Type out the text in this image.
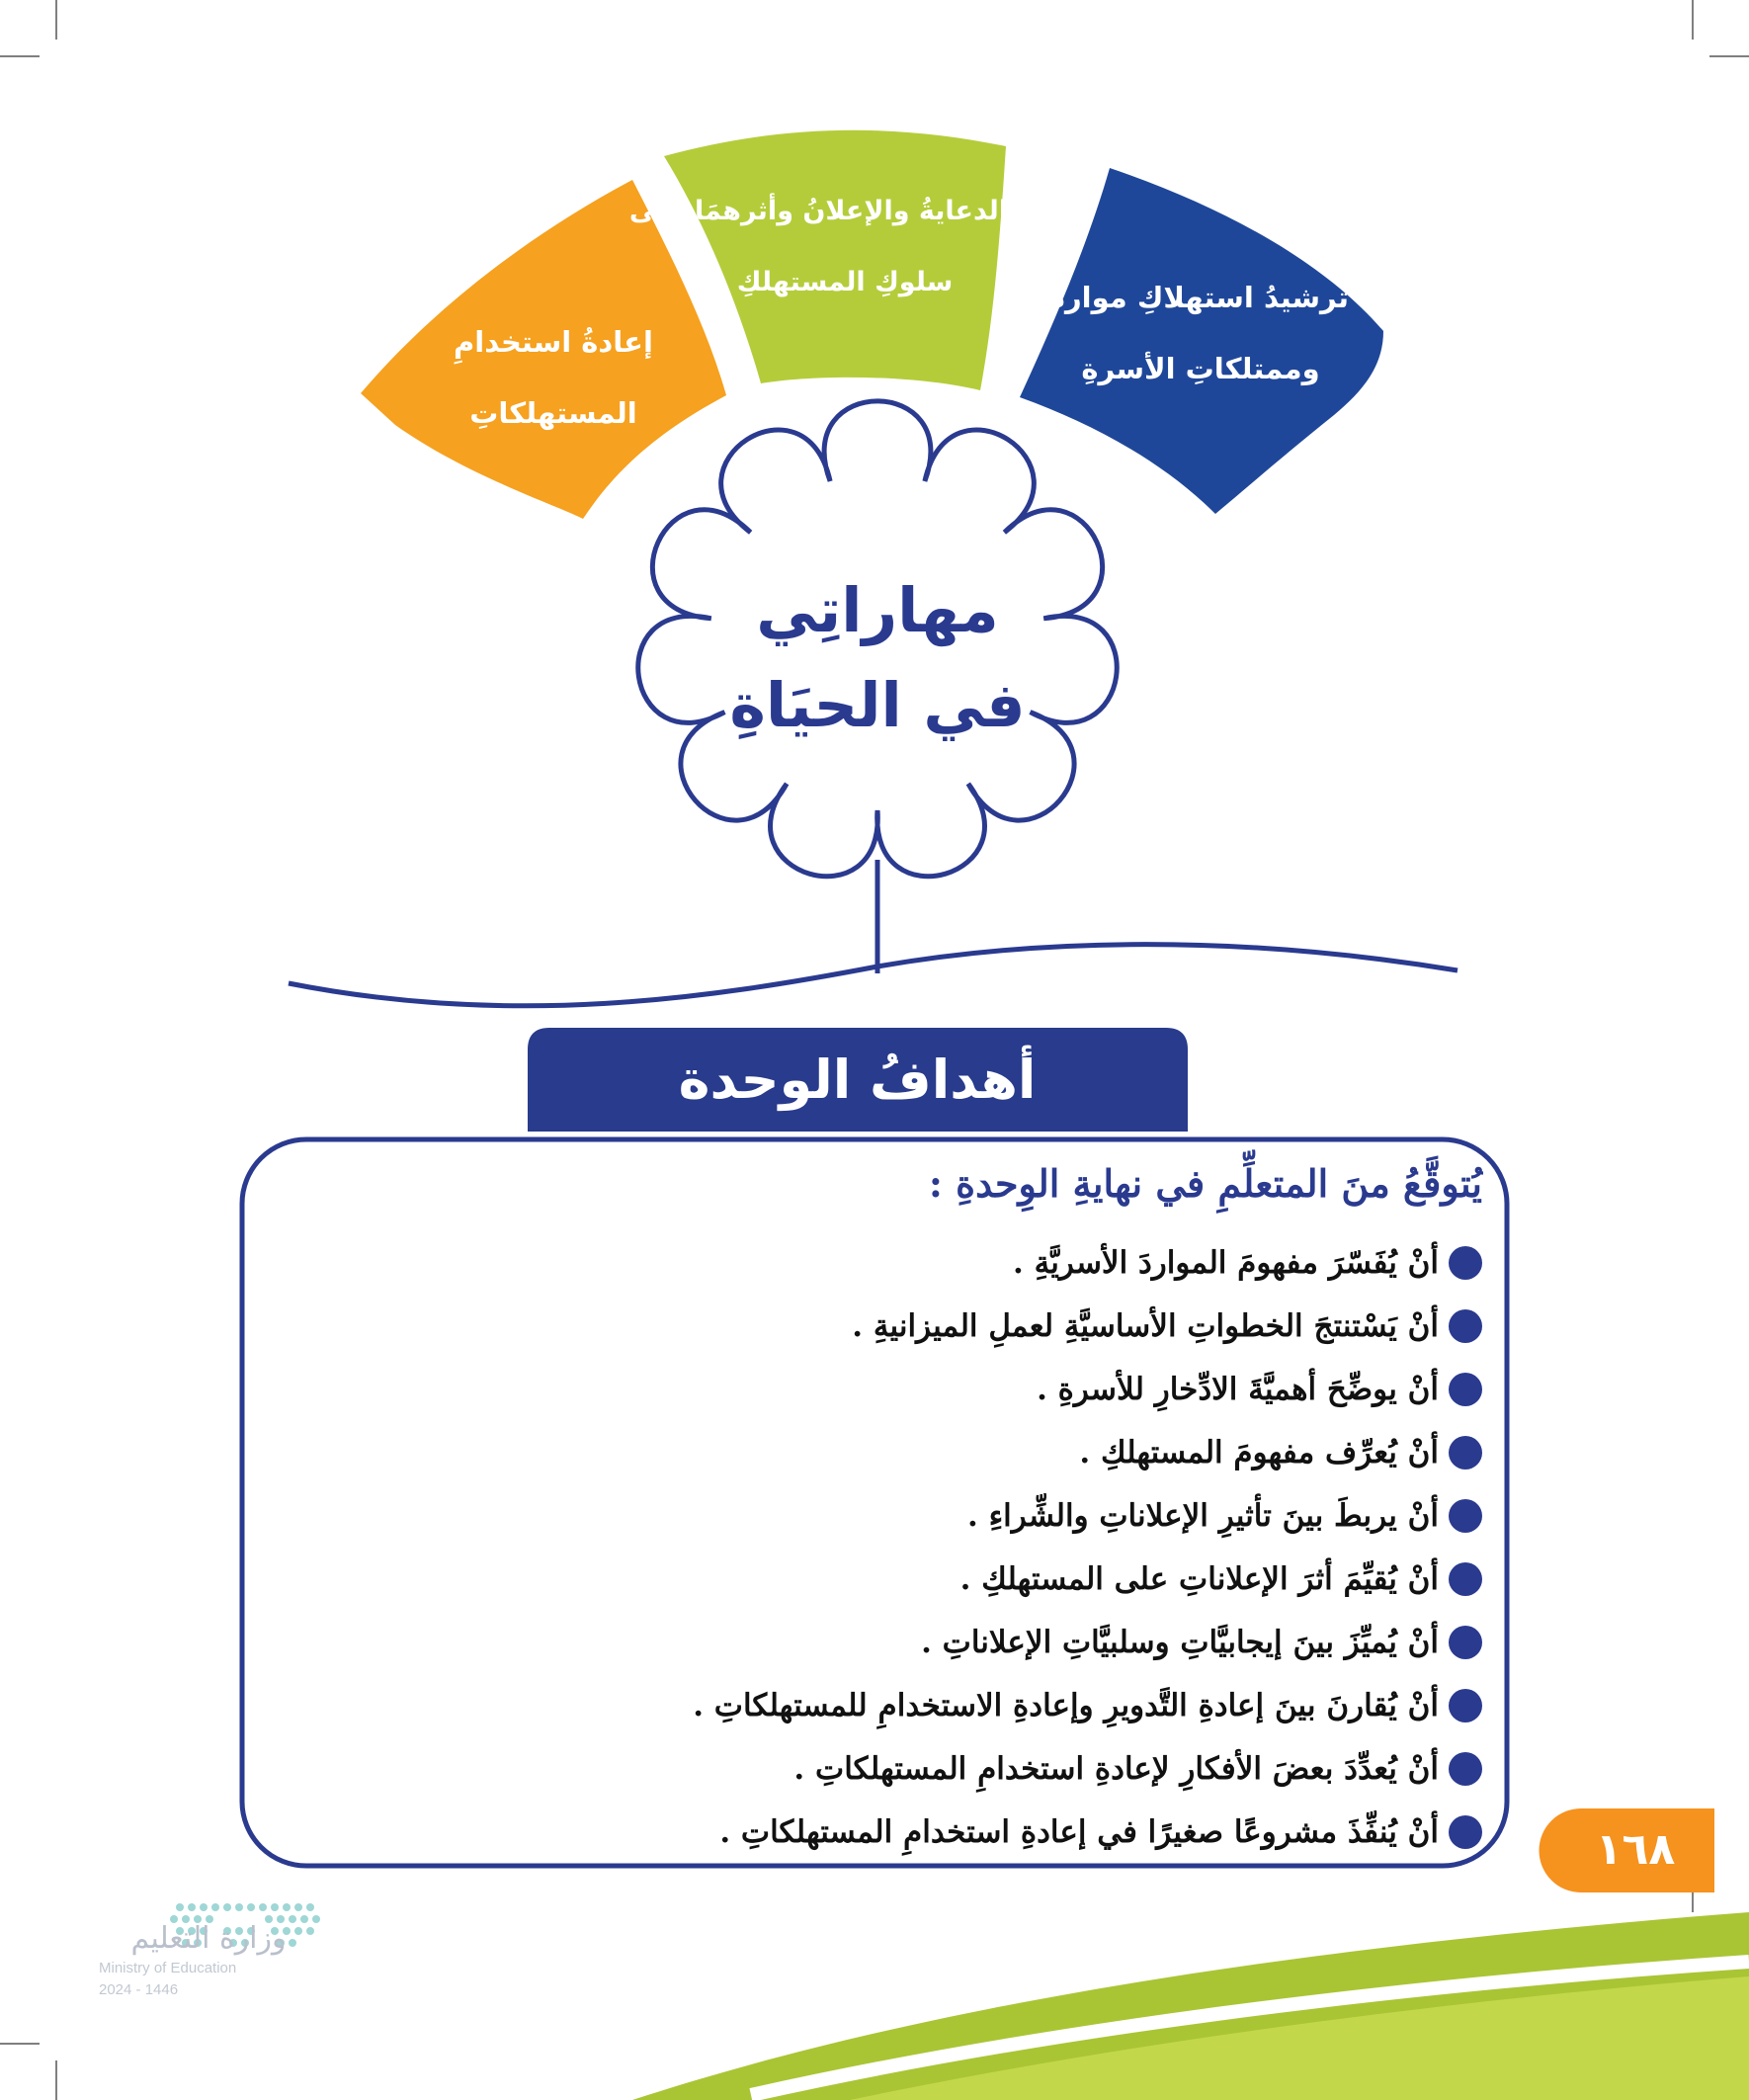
إعادةُ استخدامِ
المستهلكاتِ
الدعايةُ والإعلانُ وأثرهمَا على
سلوكِ المستهلكِ	ترشيدُ استهلاكِ موارد
وممتلكاتِ الأسرةِ
مهاراتِي
في الحيَاةِ
أهدافُ الوحدة
يُتوقَّعُ منَ المتعلِّمِ في نهايةِ الوِحدةِ :
أنْ يُفَسّرَ مفهومَ المواردَ الأسريَّةِ .
أنْ يَسْتنتجَ الخطواتِ الأساسيَّةِ لعملِ الميزانيةِ .
أنْ يوضِّحَ أهميَّةَ الادِّخارِ للأسرةِ .
أنْ يُعرِّف مفهومَ المستهلكِ .
أنْ يربطَ بينَ تأثيرِ الإعلاناتِ والشِّراءِ .
أنْ يُقيِّمَ أثرَ الإعلاناتِ على المستهلكِ .
أنْ يُميِّزَ بينَ إيجابيَّاتِ وسلبيَّاتِ الإعلاناتِ .
أنْ يُقارنَ بينَ إعادةِ التَّدويرِ وإعادةِ الاستخدامِ للمستهلكاتِ .
أنْ يُعدِّدَ بعضَ الأفكارِ لإعادةِ استخدامِ المستهلكاتِ .
أنْ يُنفِّذَ مشروعًا صغيرًا في إعادةِ استخدامِ المستهلكاتِ .	١٦٨
وزارة التعليم
Ministry of Education
2024 - 1446
